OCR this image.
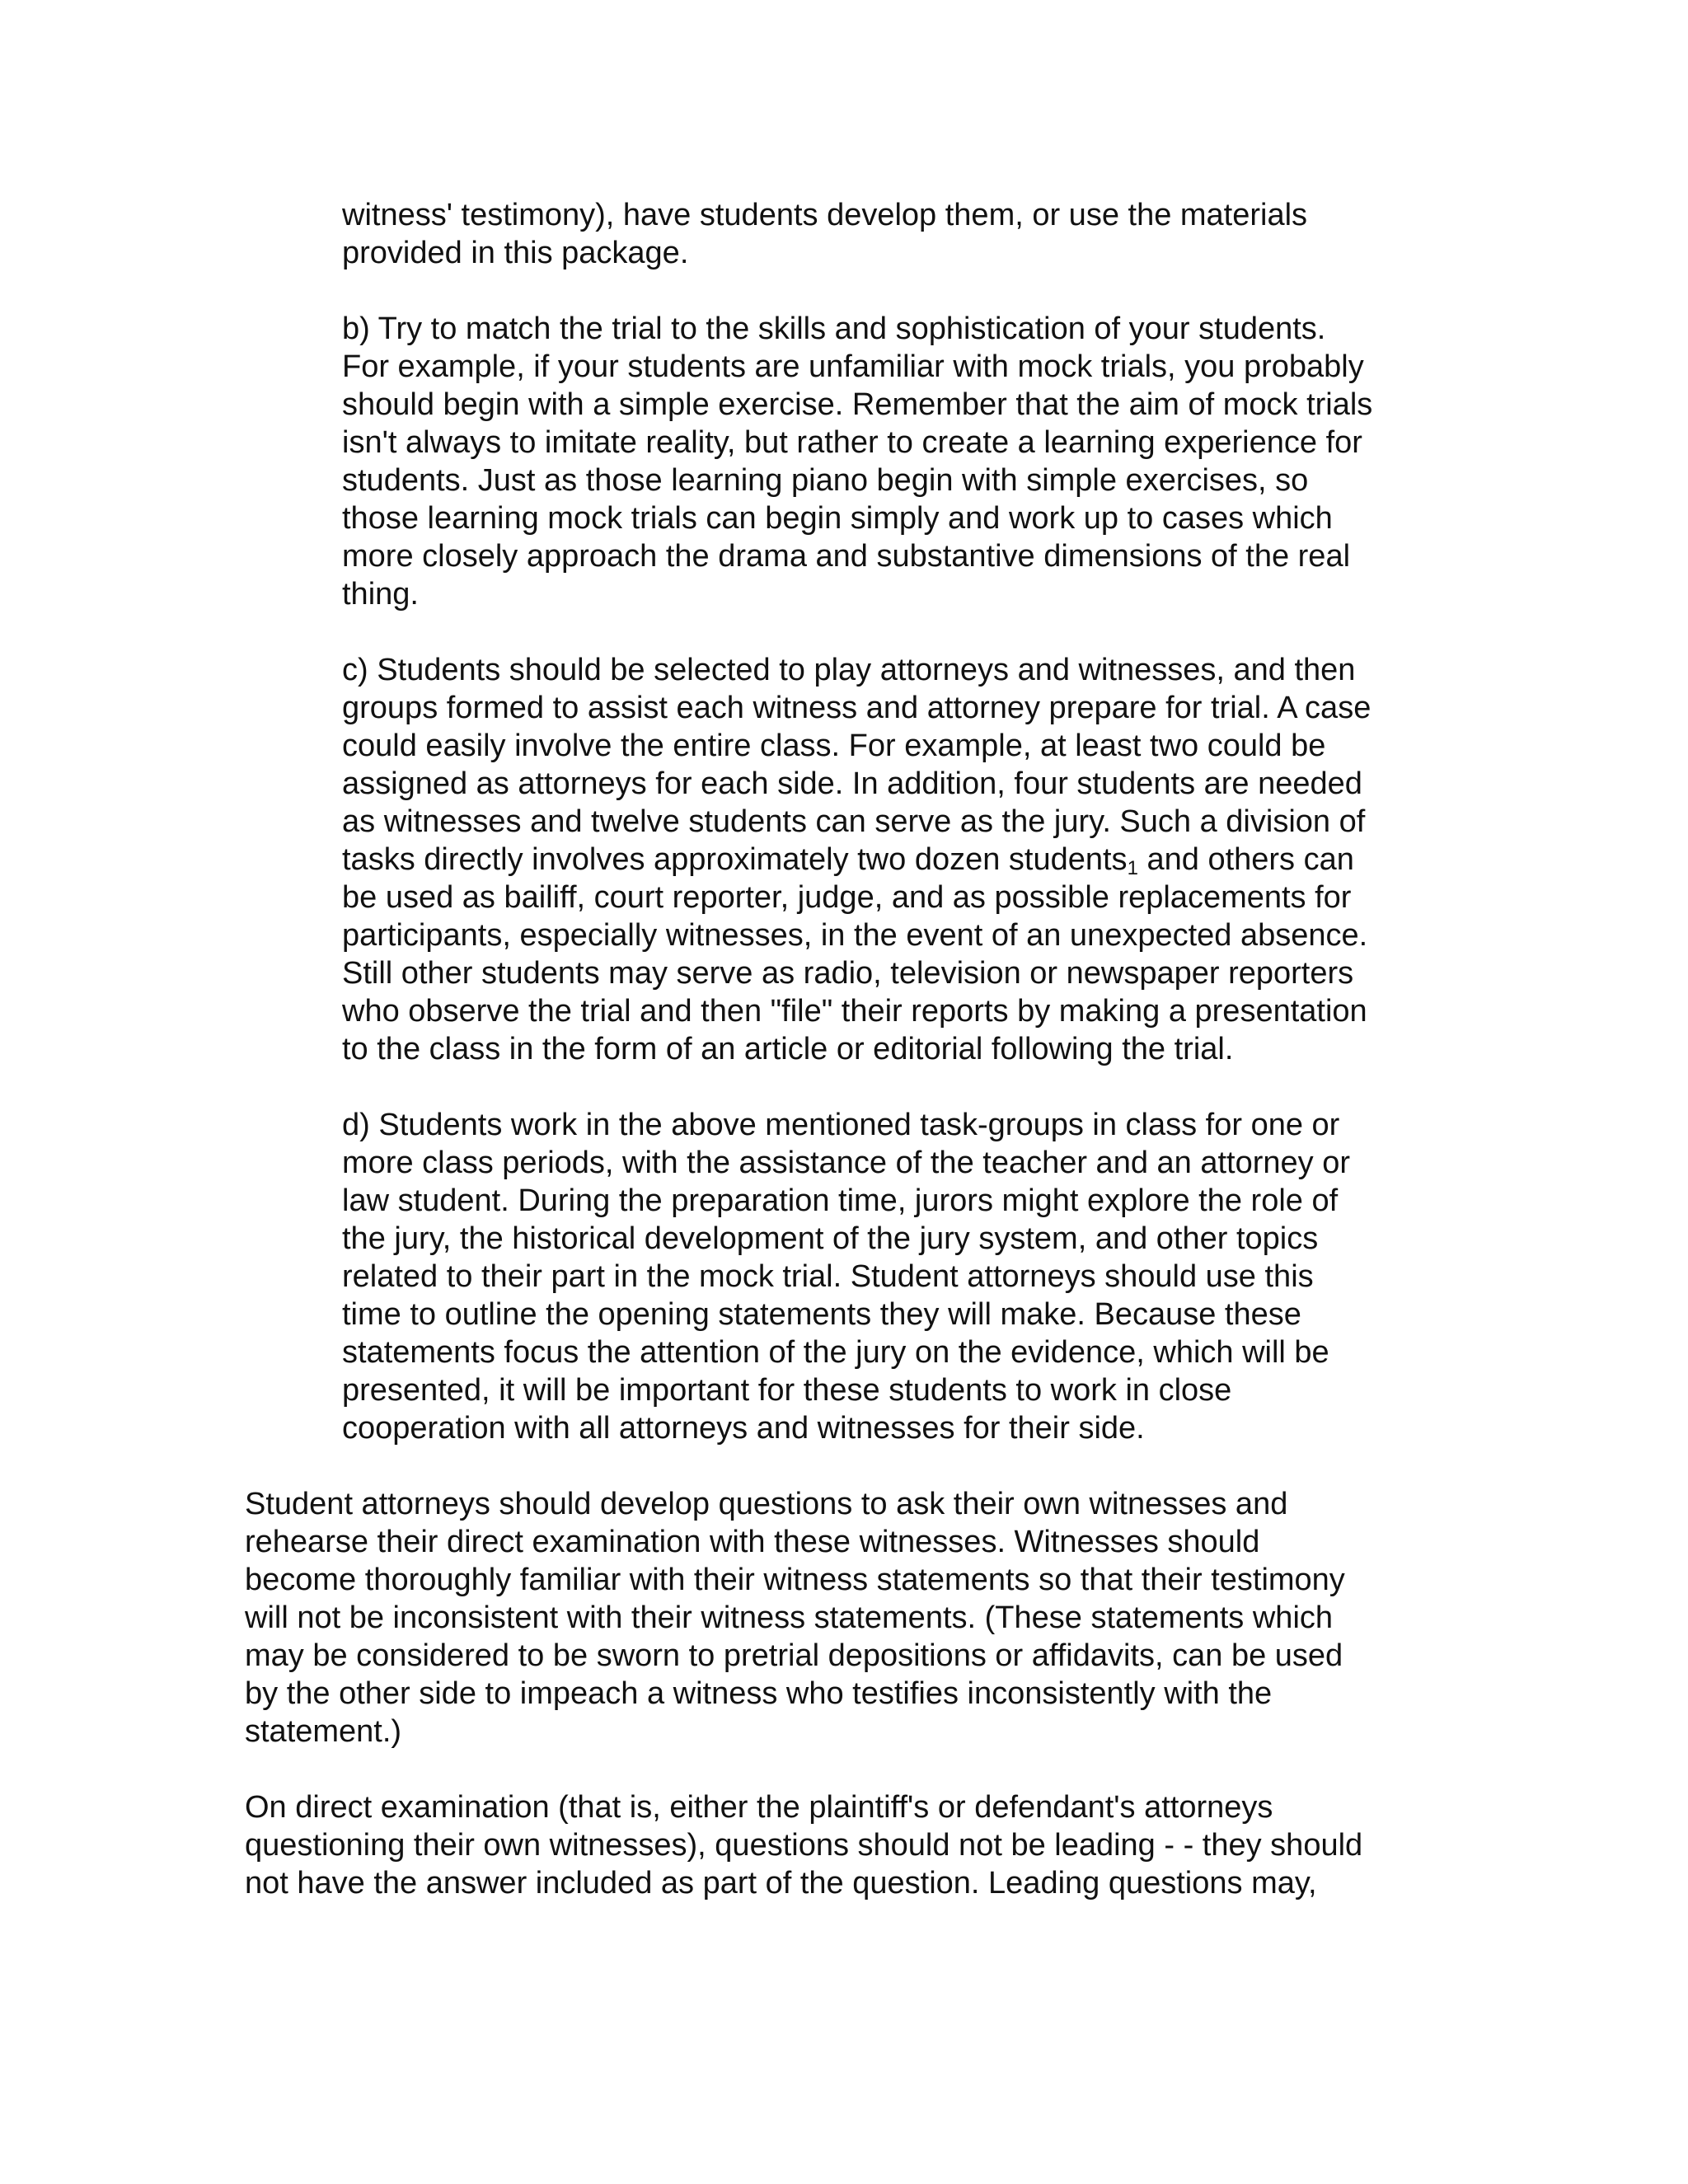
witness' testimony), have students develop them, or use the materials

provided in this package.

b) Try to match the trial to the skills and sophistication of your students.

For example, if your students are unfamiliar with mock trials, you probably

should begin with a simple exercise. Remember that the aim of mock trials

isn't always to imitate reality, but rather to create a learning experience for

students. Just as those learning piano begin with simple exercises, so

those learning mock trials can begin simply and work up to cases which

more closely approach the drama and substantive dimensions of the real

thing.

c) Students should be selected to play attorneys and witnesses, and then

groups formed to assist each witness and attorney prepare for trial. A case

could easily involve the entire class. For example, at least two could be

assigned as attorneys for each side. In addition, four students are needed

as witnesses and twelve students can serve as the jury. Such a division of

tasks directly involves approximately two dozen students$_1$ and others can

be used as bailiff, court reporter, judge, and as possible replacements for

participants, especially witnesses, in the event of an unexpected absence.

Still other students may serve as radio, television or newspaper reporters

who observe the trial and then "file" their reports by making a presentation

to the class in the form of an article or editorial following the trial.

d) Students work in the above mentioned task-groups in class for one or

more class periods, with the assistance of the teacher and an attorney or

law student. During the preparation time, jurors might explore the role of

the jury, the historical development of the jury system, and other topics

related to their part in the mock trial. Student attorneys should use this

time to outline the opening statements they will make. Because these

statements focus the attention of the jury on the evidence, which will be

presented, it will be important for these students to work in close

cooperation with all attorneys and witnesses for their side.

Student attorneys should develop questions to ask their own witnesses and

rehearse their direct examination with these witnesses. Witnesses should

become thoroughly familiar with their witness statements so that their testimony

will not be inconsistent with their witness statements. (These statements which

may be considered to be sworn to pretrial depositions or affidavits, can be used

by the other side to impeach a witness who testifies inconsistently with the

statement.)

On direct examination (that is, either the plaintiff's or defendant's attorneys

questioning their own witnesses), questions should not be leading - - they should

not have the answer included as part of the question. Leading questions may,
